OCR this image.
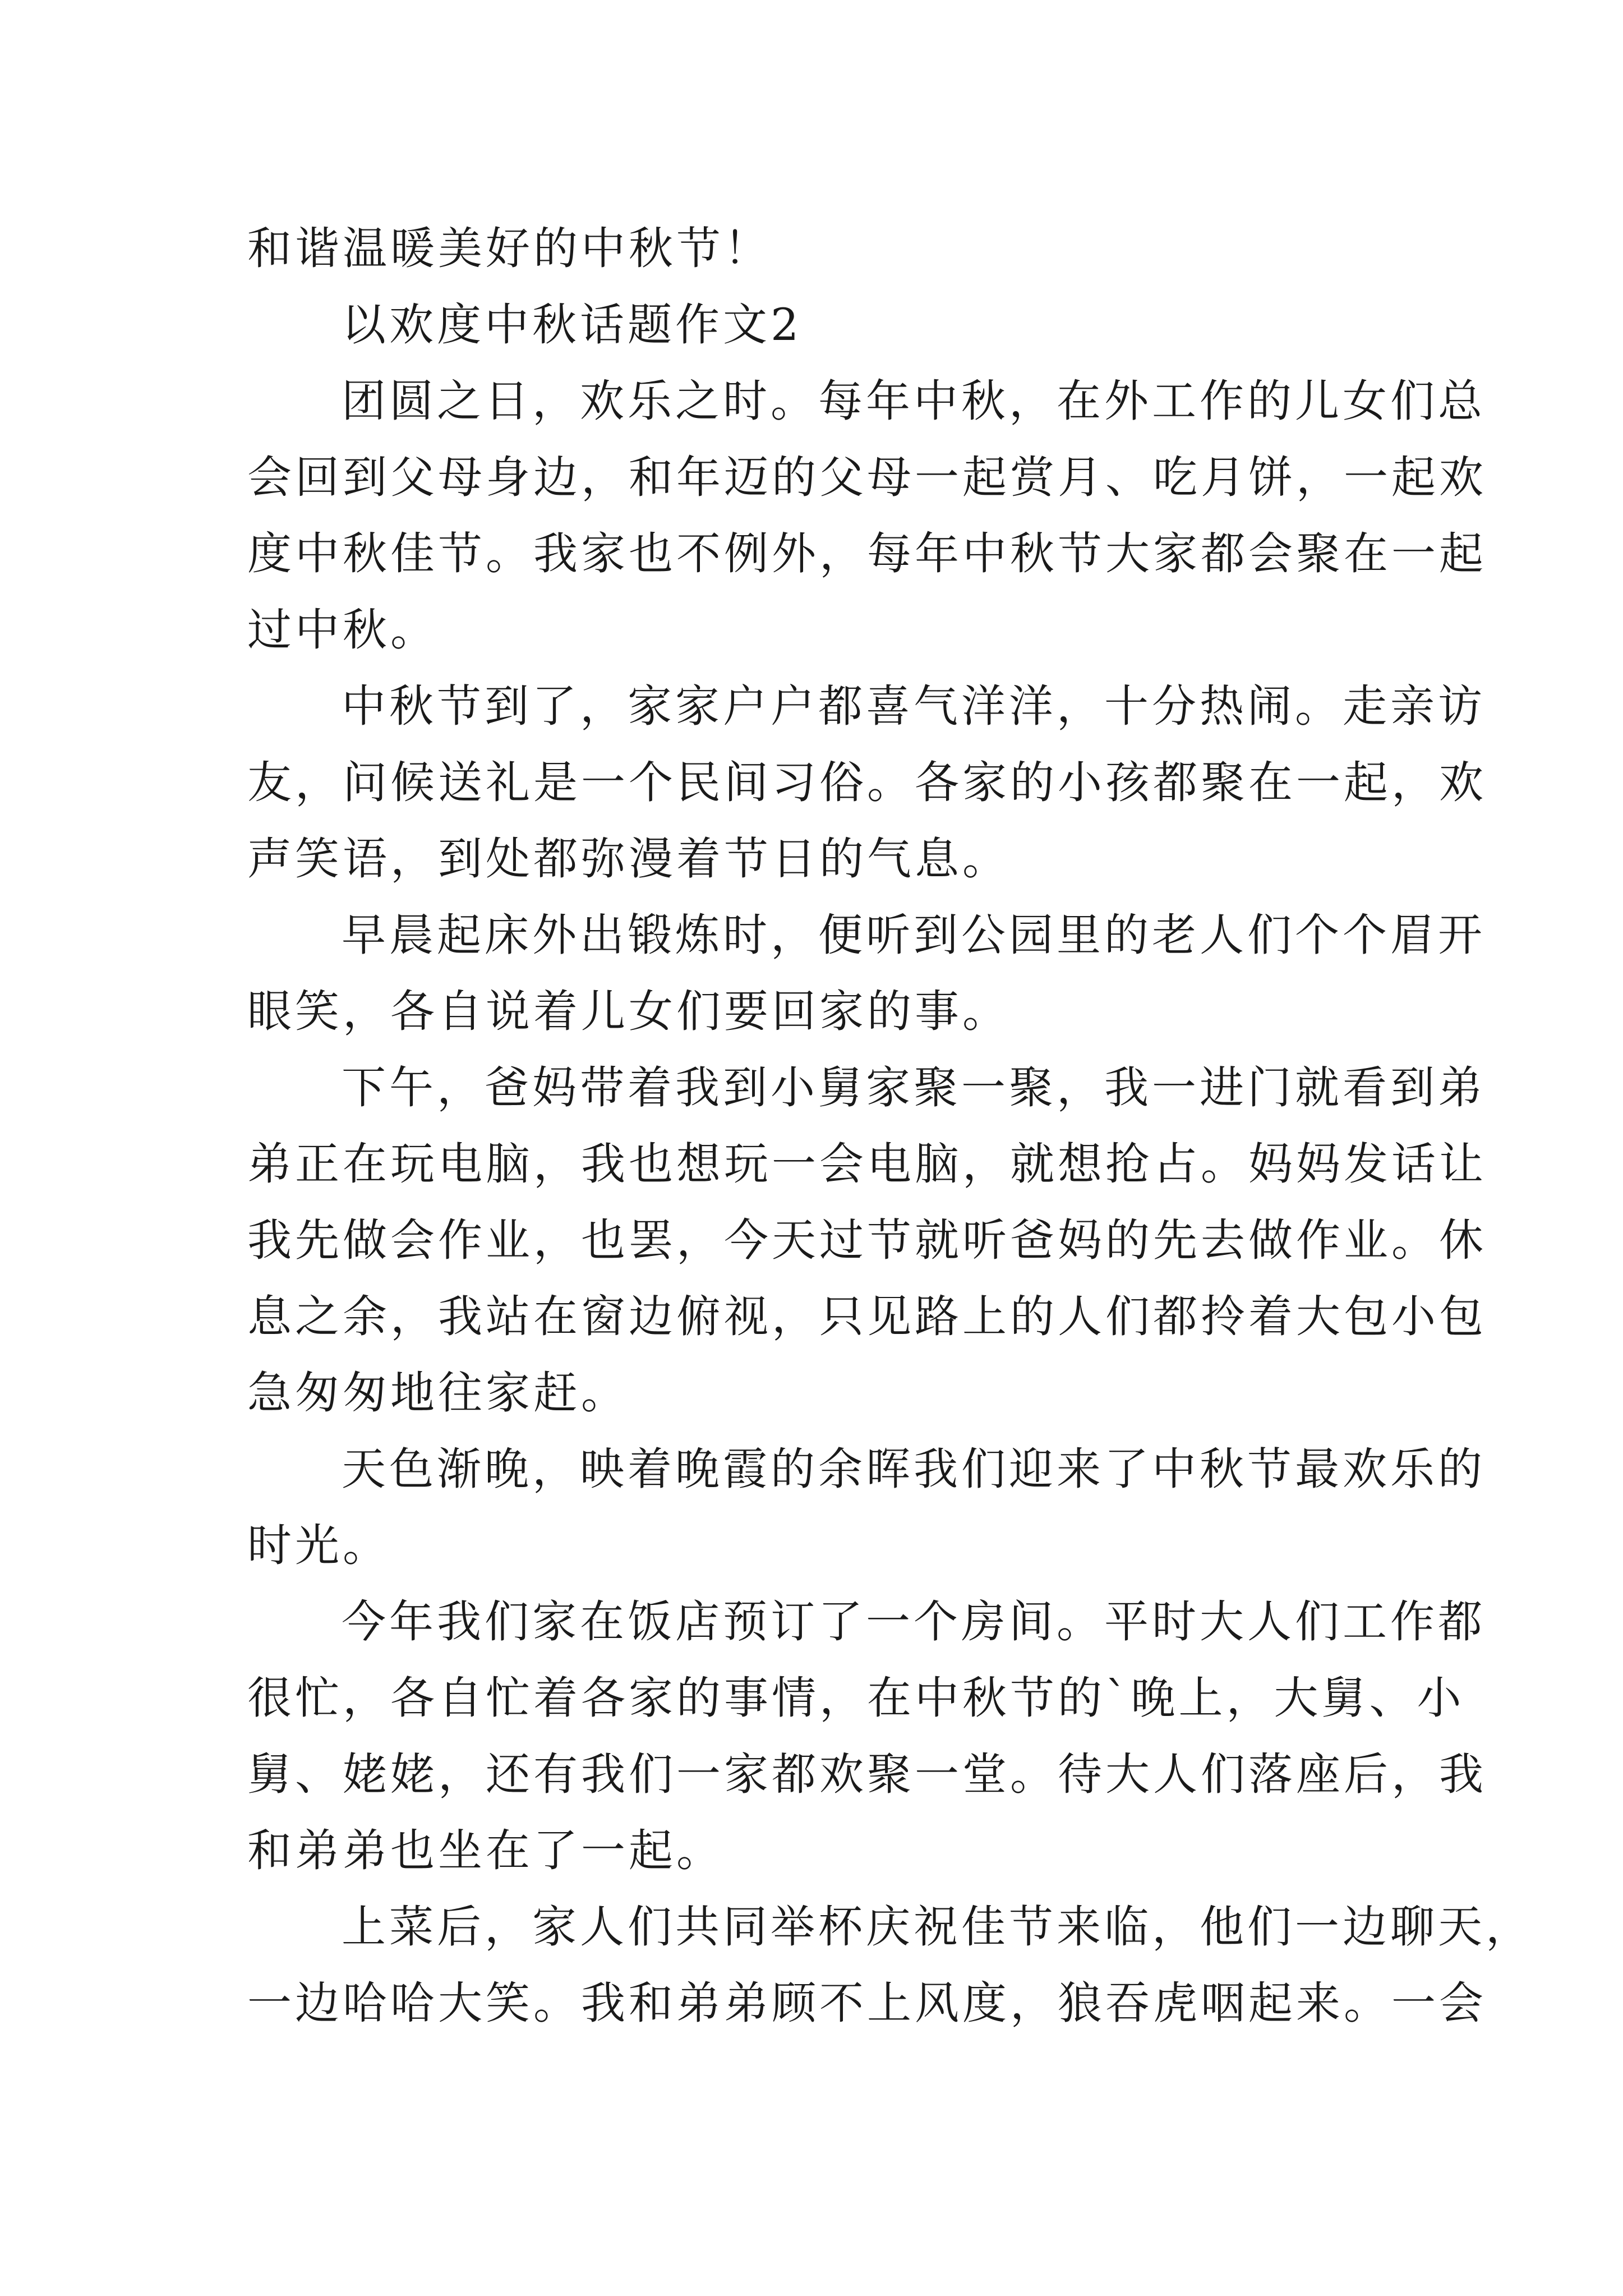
和谐温暖美好的中秋节！
以欢度中秋话题作文2
团圆之日，欢乐之时。每年中秋，在外工作的儿女们总
会回到父母身边，和年迈的父母一起赏月、吃月饼，一起欢
度中秋佳节。我家也不例外，每年中秋节大家都会聚在一起
过中秋。
中秋节到了，家家户户都喜气洋洋，十分热闹。走亲访
友，问候送礼是一个民间习俗。各家的小孩都聚在一起，欢
声笑语，到处都弥漫着节日的气息。
早晨起床外出锻炼时，便听到公园里的老人们个个眉开
眼笑，各自说着儿女们要回家的事。
下午，爸妈带着我到小舅家聚一聚，我一进门就看到弟
弟正在玩电脑，我也想玩一会电脑，就想抢占。妈妈发话让
我先做会作业，也罢，今天过节就听爸妈的先去做作业。休
息之余，我站在窗边俯视，只见路上的人们都拎着大包小包
急匆匆地往家赶。
天色渐晚，映着晚霞的余晖我们迎来了中秋节最欢乐的
时光。
今年我们家在饭店预订了一个房间。平时大人们工作都
很忙，各自忙着各家的事情，在中秋节的`晚上，大舅、小
舅、姥姥，还有我们一家都欢聚一堂。待大人们落座后，我
和弟弟也坐在了一起。
上菜后，家人们共同举杯庆祝佳节来临，他们一边聊天，
一边哈哈大笑。我和弟弟顾不上风度，狼吞虎咽起来。一会
